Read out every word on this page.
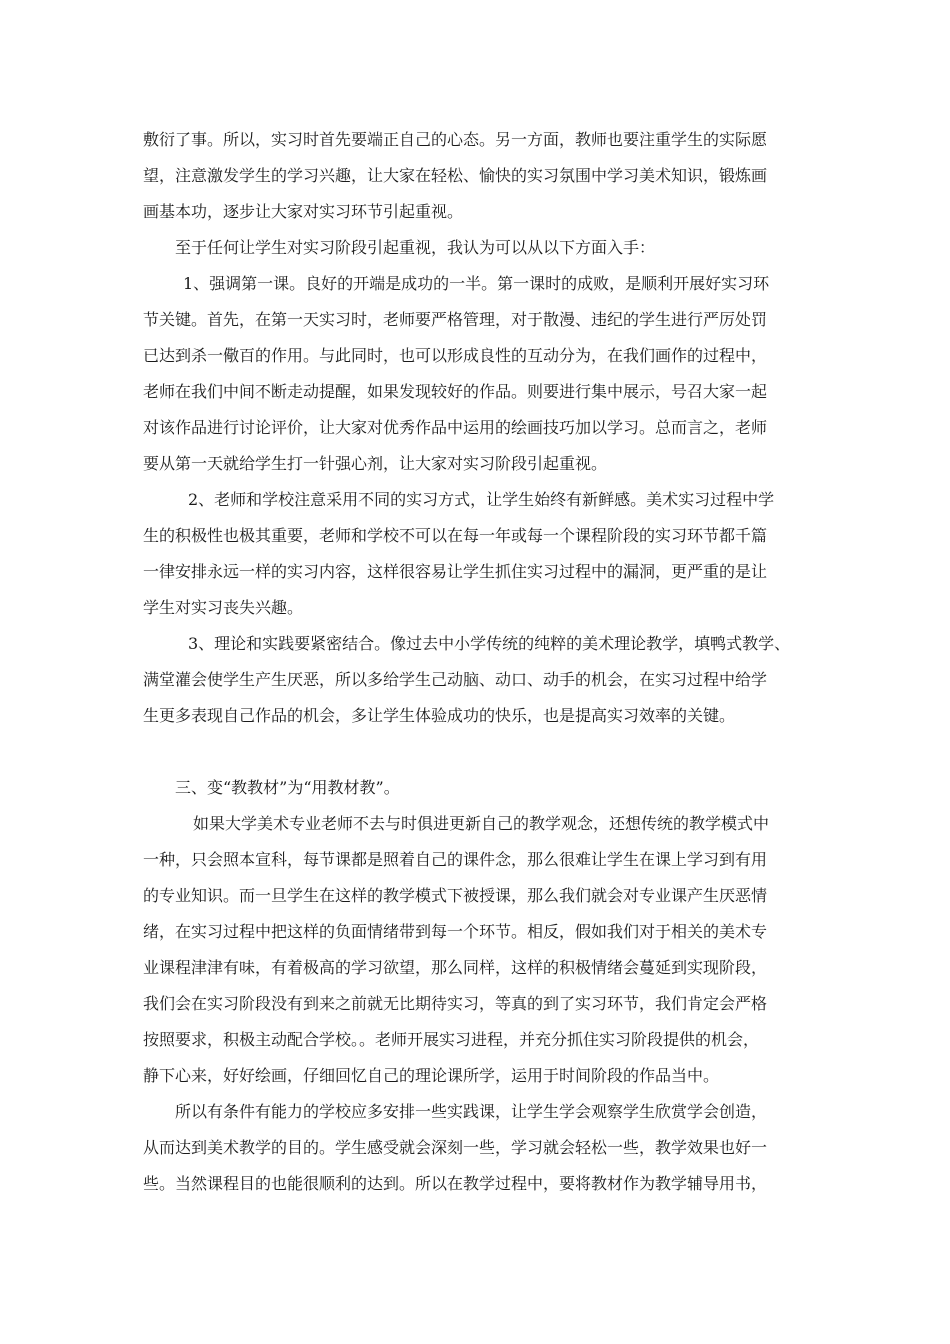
敷衍了事。所以，实习时首先要端正自己的心态。另一方面，教师也要注重学生的实际愿
望，注意激发学生的学习兴趣，让大家在轻松、愉快的实习氛围中学习美术知识，锻炼画
画基本功，逐步让大家对实习环节引起重视。
至于任何让学生对实习阶段引起重视，我认为可以从以下方面入手：
1、强调第一课。良好的开端是成功的一半。第一课时的成败，是顺利开展好实习环
节关键。首先，在第一天实习时，老师要严格管理，对于散漫、违纪的学生进行严厉处罚
已达到杀一儆百的作用。与此同时，也可以形成良性的互动分为，在我们画作的过程中，
老师在我们中间不断走动提醒，如果发现较好的作品。则要进行集中展示，号召大家一起
对该作品进行讨论评价，让大家对优秀作品中运用的绘画技巧加以学习。总而言之，老师
要从第一天就给学生打一针强心剂，让大家对实习阶段引起重视。
2、老师和学校注意采用不同的实习方式，让学生始终有新鲜感。美术实习过程中学
生的积极性也极其重要，老师和学校不可以在每一年或每一个课程阶段的实习环节都千篇
一律安排永远一样的实习内容，这样很容易让学生抓住实习过程中的漏洞，更严重的是让
学生对实习丧失兴趣。
3、理论和实践要紧密结合。像过去中小学传统的纯粹的美术理论教学，填鸭式教学、
满堂灌会使学生产生厌恶，所以多给学生己动脑、动口、动手的机会，在实习过程中给学
生更多表现自己作品的机会，多让学生体验成功的快乐，也是提高实习效率的关键。
三、变“教教材”为“用教材教”。
如果大学美术专业老师不去与时俱进更新自己的教学观念，还想传统的教学模式中
一种，只会照本宣科，每节课都是照着自己的课件念，那么很难让学生在课上学习到有用
的专业知识。而一旦学生在这样的教学模式下被授课，那么我们就会对专业课产生厌恶情
绪，在实习过程中把这样的负面情绪带到每一个环节。相反，假如我们对于相关的美术专
业课程津津有味，有着极高的学习欲望，那么同样，这样的积极情绪会蔓延到实现阶段，
我们会在实习阶段没有到来之前就无比期待实习，等真的到了实习环节，我们肯定会严格
按照要求，积极主动配合学校。。老师开展实习进程，并充分抓住实习阶段提供的机会，
静下心来，好好绘画，仔细回忆自己的理论课所学，运用于时间阶段的作品当中。
所以有条件有能力的学校应多安排一些实践课，让学生学会观察学生欣赏学会创造，
从而达到美术教学的目的。学生感受就会深刻一些，学习就会轻松一些，教学效果也好一
些。当然课程目的也能很顺利的达到。所以在教学过程中，要将教材作为教学辅导用书，
